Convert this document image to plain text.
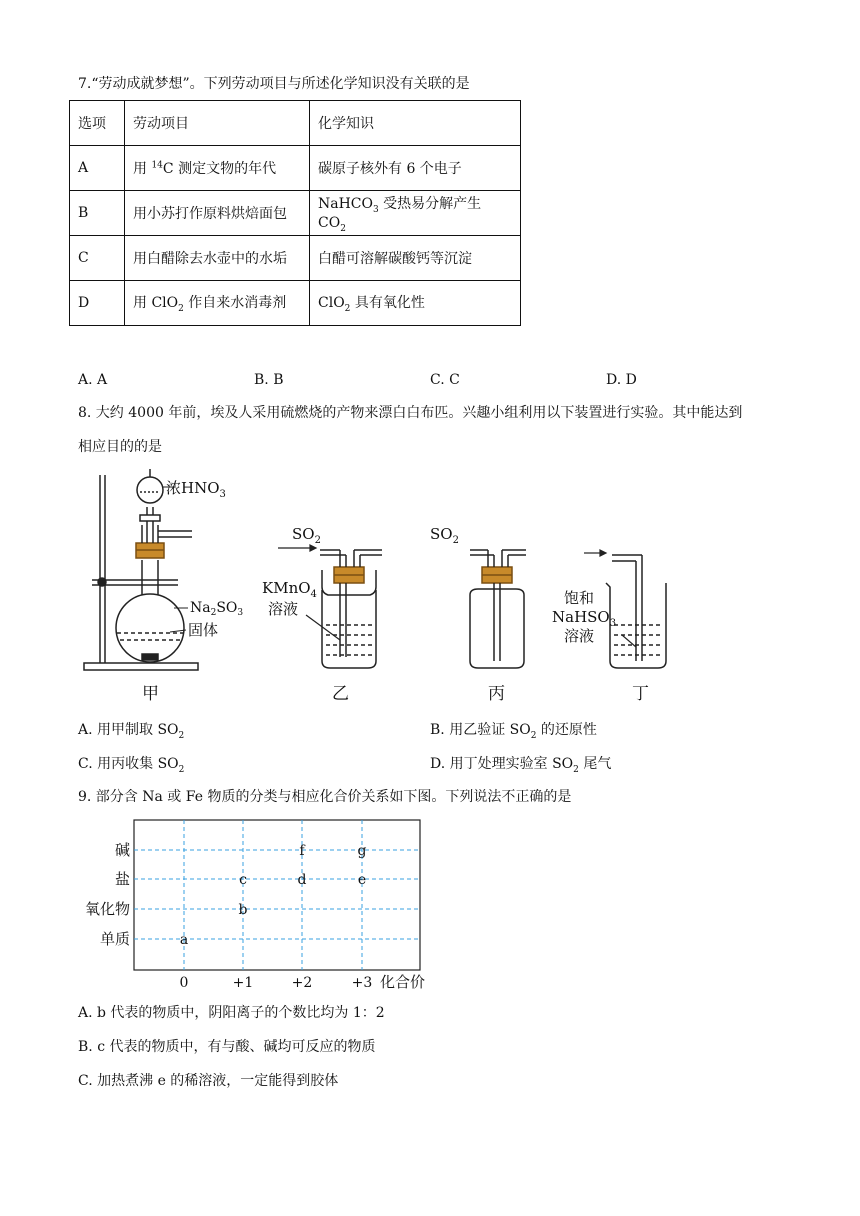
7.“劳动成就梦想”。下列劳动项目与所述化学知识没有关联的是
选项	劳动项目	化学知识
A	用 $^{14}$C 测定文物的年代	碳原子核外有 6 个电子
B	用小苏打作原料烘焙面包	NaHCO$_3$ 受热易分解产生 $CO_2$
C	用白醋除去水壶中的水垢	白醋可溶解碳酸钙等沉淀
D	用 ClO$_2$ 作自来水消毒剂	ClO$_2$ 具有氧化性
A. A	B. B	C. C	D. D
8. 大约 4000 年前，埃及人采用硫燃烧的产物来漂白白布匹。兴趣小组利用以下装置进行实验。其中能达到
相应目的的是
浓$HNO_3$
$Na_2SO_3$
固体
甲
$SO_2$
KMnO$_4$
溶液
乙
$SO_2$
丙
饱和
NaHSO$_3$
溶液
丁
A. 用甲制取 $SO_2$	B. 用乙验证 $SO_2$ 的还原性
C. 用丙收集 $SO_2$	D. 用丁处理实验室 $SO_2$ 尾气
9. 部分含 Na 或 Fe 物质的分类与相应化合价关系如下图。下列说法不正确的是
碱
盐
氧化物
单质
0	+1	+2	+3
a
b
c	d	e
f	g
化合价
A. b 代表的物质中，阴阳离子的个数比均为 1：2
B. c 代表的物质中，有与酸、碱均可反应的物质
C. 加热煮沸 e 的稀溶液，一定能得到胶体
